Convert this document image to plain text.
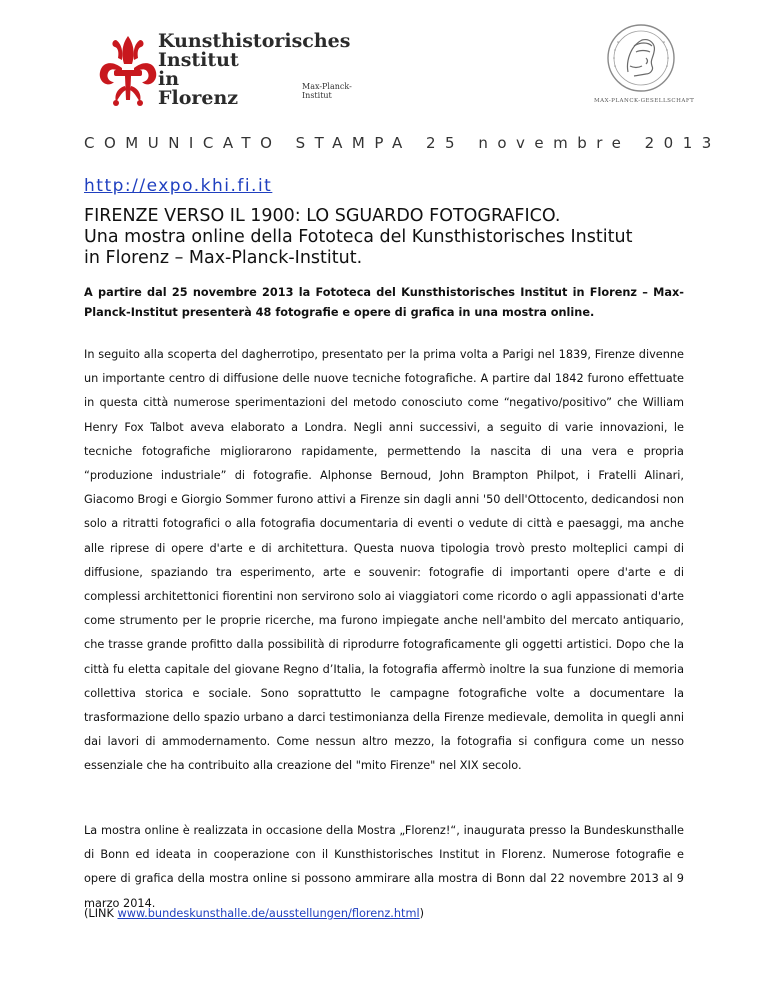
Kunsthistorisches
Institut
in
Florenz
Max-Planck-Institut
MAX-PLANCK-GESELLSCHAFT
COMUNICATO STAMPA 25 novembre 2013
http://expo.khi.fi.it
FIRENZE VERSO IL 1900: LO SGUARDO FOTOGRAFICO.
Una mostra online della Fototeca del Kunsthistorisches Institut
in Florenz – Max-Planck-Institut.
A partire dal 25 novembre 2013 la Fototeca del Kunsthistorisches Institut in Florenz – Max-Planck-Institut presenterà 48 fotografie e opere di grafica in una mostra online.
In seguito alla scoperta del dagherrotipo, presentato per la prima volta a Parigi nel 1839, Firenze divenne un importante centro di diffusione delle nuove tecniche fotografiche. A partire dal 1842 furono effettuate in questa città numerose sperimentazioni del metodo conosciuto come “negativo/positivo” che William Henry Fox Talbot aveva elaborato a Londra. Negli anni successivi, a seguito di varie innovazioni, le tecniche fotografiche migliorarono rapidamente, permettendo la nascita di una vera e propria “produzione industriale” di fotografie. Alphonse Bernoud, John Brampton Philpot, i Fratelli Alinari, Giacomo Brogi e Giorgio Sommer furono attivi a Firenze sin dagli anni '50 dell'Ottocento, dedicandosi non solo a ritratti fotografici o alla fotografia documentaria di eventi o vedute di città e paesaggi, ma anche alle riprese di opere d'arte e di architettura. Questa nuova tipologia trovò presto molteplici campi di diffusione, spaziando tra esperimento, arte e souvenir: fotografie di importanti opere d'arte e di complessi architettonici fiorentini non servirono solo ai viaggiatori come ricordo o agli appassionati d'arte come strumento per le proprie ricerche, ma furono impiegate anche nell'ambito del mercato antiquario, che trasse grande profitto dalla possibilità di riprodurre fotograficamente gli oggetti artistici. Dopo che la città fu eletta capitale del giovane Regno d’Italia, la fotografia affermò inoltre la sua funzione di memoria collettiva storica e sociale. Sono soprattutto le campagne fotografiche volte a documentare la trasformazione dello spazio urbano a darci testimonianza della Firenze medievale, demolita in quegli anni dai lavori di ammodernamento. Come nessun altro mezzo, la fotografia si configura come un nesso essenziale che ha contribuito alla creazione del "mito Firenze" nel XIX secolo.
La mostra online è realizzata in occasione della Mostra „Florenz!“, inaugurata presso la Bundeskunsthalle di Bonn ed ideata in cooperazione con il Kunsthistorisches Institut in Florenz. Numerose fotografie e opere di grafica della mostra online si possono ammirare alla mostra di Bonn dal 22 novembre 2013 al 9 marzo 2014.
(LINK www.bundeskunsthalle.de/ausstellungen/florenz.html)
